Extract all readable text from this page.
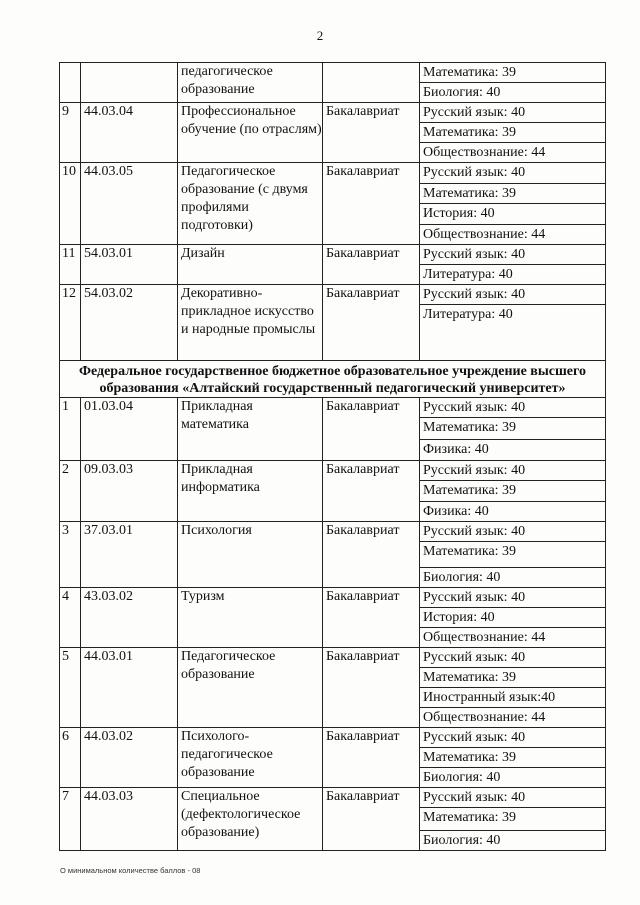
2
		педагогическое образование		Математика: 39
Биология: 40

9	44.03.04	Профессиональное обучение (по отраслям)	Бакалавриат	Русский язык: 40
Математика: 39
Обществознание: 44

10	44.03.05	Педагогическое образование (с двумя профилями подготовки)	Бакалавриат	Русский язык: 40
Математика: 39
История: 40
Обществознание: 44

11	54.03.01	Дизайн	Бакалавриат	Русский язык: 40
Литература: 40

12	54.03.02	Декоративно-прикладное искусство и народные промыслы	Бакалавриат	Русский язык: 40
Литература: 40

Федеральное государственное бюджетное образовательное учреждение высшего образования «Алтайский государственный педагогический университет»				
1	01.03.04	Прикладная математика	Бакалавриат	Русский язык: 40
Математика: 39
Физика: 40

2	09.03.03	Прикладная информатика	Бакалавриат	Русский язык: 40
Математика: 39
Физика: 40

3	37.03.01	Психология	Бакалавриат	Русский язык: 40
Математика: 39
Биология: 40

4	43.03.02	Туризм	Бакалавриат	Русский язык: 40
История: 40
Обществознание: 44

5	44.03.01	Педагогическое образование	Бакалавриат	Русский язык: 40
Математика: 39
Иностранный язык:40
Обществознание: 44

6	44.03.02	Психолого-педагогическое образование	Бакалавриат	Русский язык: 40
Математика: 39
Биология: 40

7	44.03.03	Специальное (дефектологическое образование)	Бакалавриат	Русский язык: 40
Математика: 39
Биология: 40
О минимальном количестве баллов - 08
